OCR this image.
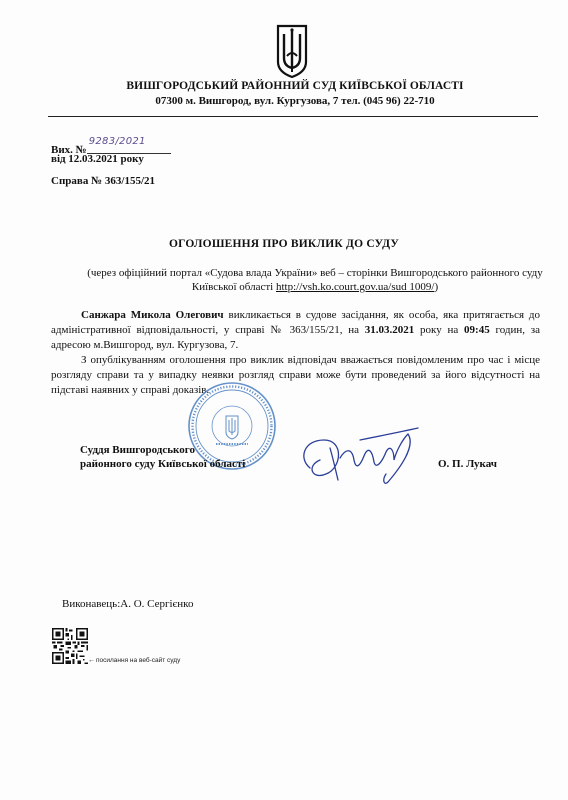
ВИШГОРОДСЬКИЙ РАЙОННИЙ СУД КИЇВСЬКОЇ ОБЛАСТІ
07300 м. Вишгород, вул. Кургузова, 7 тел. (045 96) 22-710
Вих. №
9283/2021
від 12.03.2021 року
Справа № 363/155/21
ОГОЛОШЕННЯ ПРО ВИКЛИК ДО СУДУ
(через офіційний портал «Судова влада України» веб – сторінки Вишгородського районного суду Київської області http://vsh.ko.court.gov.ua/sud 1009/)

Санжара Микола Олегович викликається в судове засідання, як особа, яка притягається до адміністративної відповідальності, у справі № 363/155/21, на 31.03.2021 року на 09:45 годин, за адресою м.Вишгород, вул. Кургузова, 7.

З опублікуванням оголошення про виклик відповідач вважається повідомленим про час і місце розгляду справи та у випадку неявки розгляд справи може бути проведений за його відсутності на підставі наявних у справі доказів.

Суддя Вишгородського
районного суду Київської області	О. П. Лукач
Виконавець:А. О. Сергієнко
←посилання на веб-сайт суду
